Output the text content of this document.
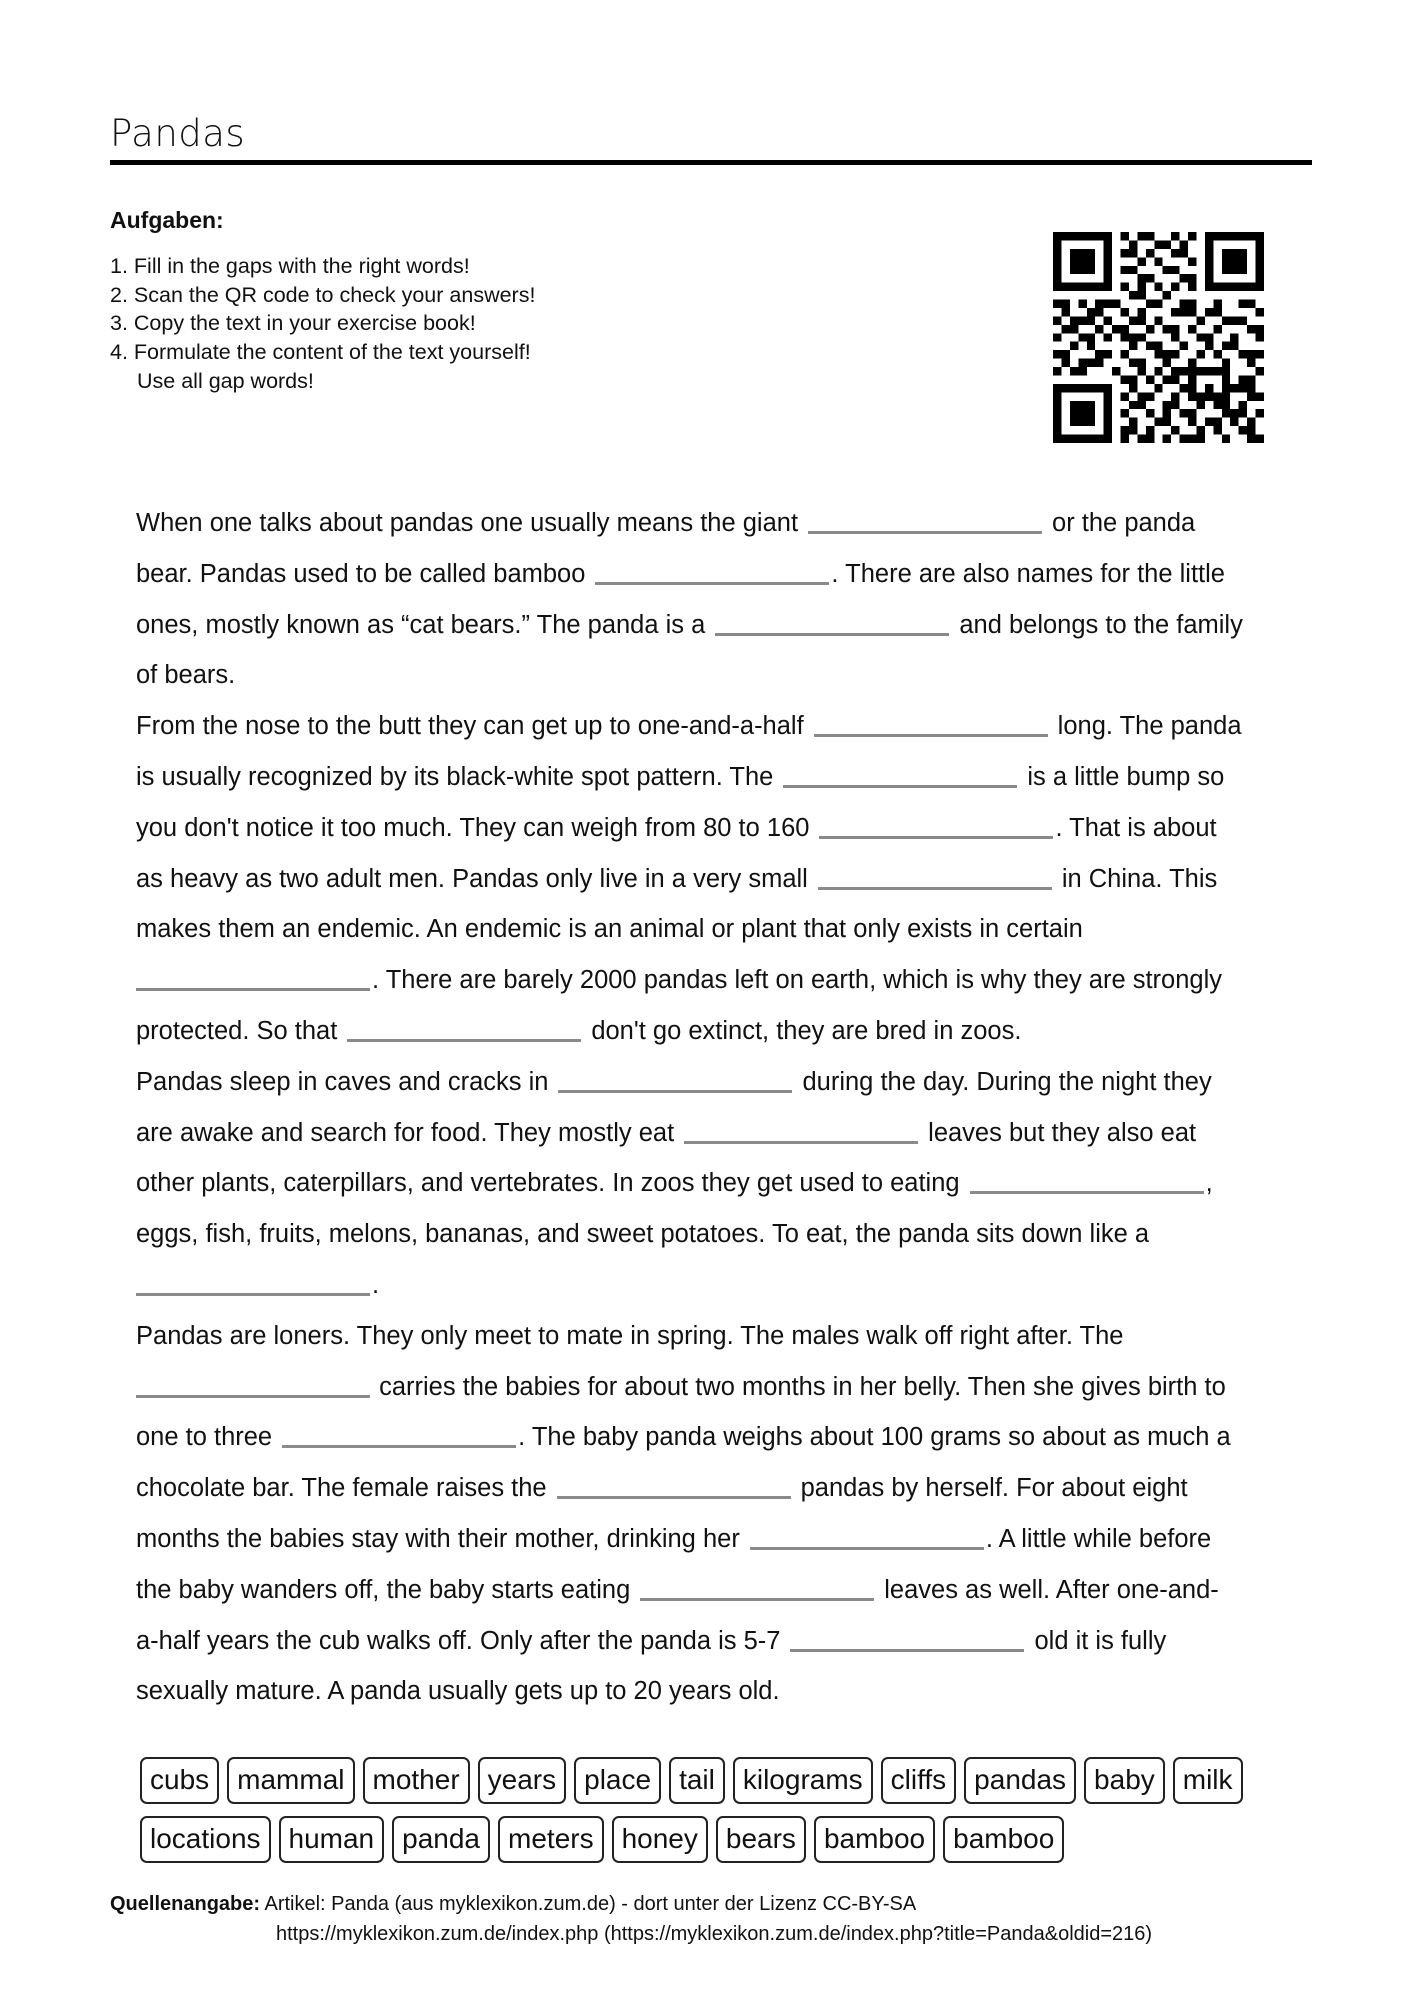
Pandas
Aufgaben:
1. Fill in the gaps with the right words!
2. Scan the QR code to check your answers!
3. Copy the text in your exercise book!
4. Formulate the content of the text yourself!
Use all gap words!
When one talks about pandas one usually means the giant	or the panda
bear. Pandas used to be called bamboo	. There are also names for the little
ones, mostly known as “cat bears.” The panda is a	and belongs to the family
of bears.
From the nose to the butt they can get up to one-and-a-half	long. The panda
is usually recognized by its black-white spot pattern. The	is a little bump so
you don't notice it too much. They can weigh from 80 to 160	. That is about
as heavy as two adult men. Pandas only live in a very small	in China. This
makes them an endemic. An endemic is an animal or plant that only exists in certain
. There are barely 2000 pandas left on earth, which is why they are strongly
protected. So that	don't go extinct, they are bred in zoos.
Pandas sleep in caves and cracks in	during the day. During the night they
are awake and search for food. They mostly eat	leaves but they also eat
other plants, caterpillars, and vertebrates. In zoos they get used to eating	,
eggs, fish, fruits, melons, bananas, and sweet potatoes. To eat, the panda sits down like a
.
Pandas are loners. They only meet to mate in spring. The males walk off right after. The
carries the babies for about two months in her belly. Then she gives birth to
one to three	. The baby panda weighs about 100 grams so about as much a
chocolate bar. The female raises the	pandas by herself. For about eight
months the babies stay with their mother, drinking her	. A little while before
the baby wanders off, the baby starts eating	leaves as well. After one-and-
a-half years the cub walks off. Only after the panda is 5-7	old it is fully
sexually mature. A panda usually gets up to 20 years old.
cubs	mammal	mother	years	place	tail	kilograms	cliffs	pandas	baby	milk
locations	human	panda	meters	honey	bears	bamboo	bamboo
Quellenangabe: Artikel: Panda (aus myklexikon.zum.de) - dort unter der Lizenz CC-BY-SA
https://myklexikon.zum.de/index.php (https://myklexikon.zum.de/index.php?title=Panda&oldid=216)
